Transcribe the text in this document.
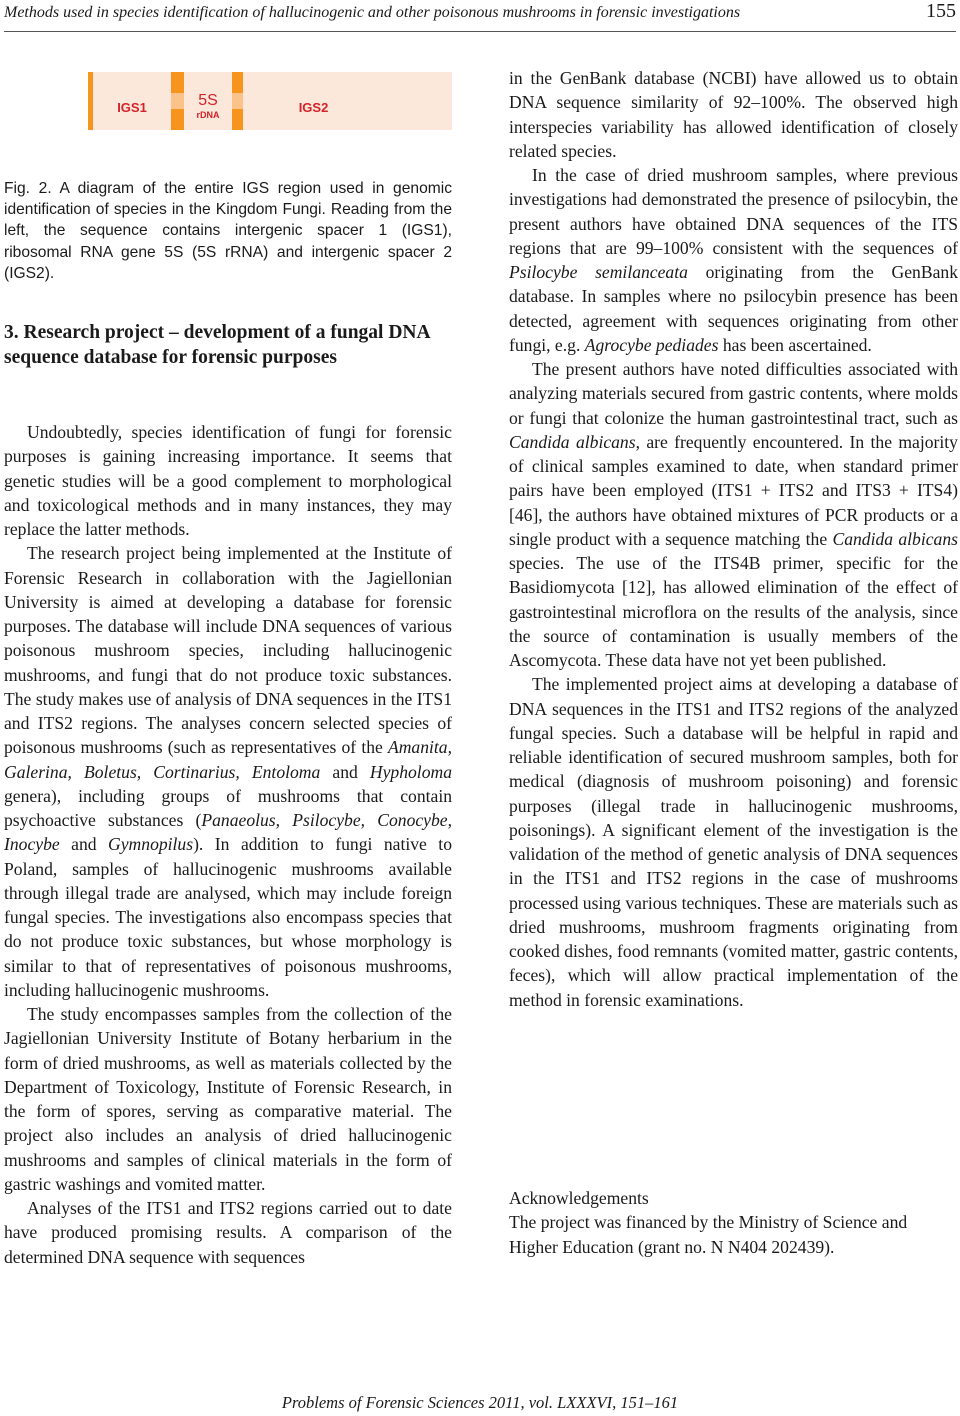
Methods used in species identification of hallucinogenic and other poisonous mushrooms in forensic investigations	155
IGS1	5S
rDNA	IGS2

Fig. 2. A diagram of the entire IGS region used in genomic identification of species in the Kingdom Fungi. Reading from the left, the sequence contains intergenic spacer 1 (IGS1), ribosomal RNA gene 5S (5S rRNA) and intergenic spacer 2 (IGS2).

3. Research project – development of a fungal DNA sequence database for forensic purposes

Undoubtedly, species identification of fungi for forensic purposes is gaining increasing importance. It seems that genetic studies will be a good complement to morphological and toxicological methods and in many instances, they may replace the latter methods.

The research project being implemented at the Institute of Forensic Research in collaboration with the Jagiellonian University is aimed at developing a database for forensic purposes. The database will include DNA sequences of various poisonous mushroom species, including hallucinogenic mushrooms, and fungi that do not produce toxic substances. The study makes use of analysis of DNA sequences in the ITS1 and ITS2 regions. The analyses concern selected species of poisonous mushrooms (such as representatives of the Amanita, Galerina, Boletus, Cortinarius, Entoloma and Hypholoma genera), including groups of mushrooms that contain psychoactive substances (Panaeolus, Psilocybe, Conocybe, Inocybe and Gymnopilus). In addition to fungi native to Poland, samples of hallucinogenic mushrooms available through illegal trade are analysed, which may include foreign fungal species. The investigations also encompass species that do not produce toxic substances, but whose morphology is similar to that of representatives of poisonous mushrooms, including hallucinogenic mushrooms.

The study encompasses samples from the collection of the Jagiellonian University Institute of Botany herbarium in the form of dried mushrooms, as well as materials collected by the Department of Toxicology, Institute of Forensic Research, in the form of spores, serving as comparative material. The project also includes an analysis of dried hallucinogenic mushrooms and samples of clinical materials in the form of gastric washings and vomited matter.

Analyses of the ITS1 and ITS2 regions carried out to date have produced promising results. A comparison of the determined DNA sequence with sequences

in the GenBank database (NCBI) have allowed us to obtain DNA sequence similarity of 92–100%. The observed high interspecies variability has allowed identification of closely related species.

In the case of dried mushroom samples, where previous investigations had demonstrated the presence of psilocybin, the present authors have obtained DNA sequences of the ITS regions that are 99–100% consistent with the sequences of Psilocybe semilanceata originating from the GenBank database. In samples where no psilocybin presence has been detected, agreement with sequences originating from other fungi, e.g. Agrocybe pediades has been ascertained.

The present authors have noted difficulties associated with analyzing materials secured from gastric contents, where molds or fungi that colonize the human gastrointestinal tract, such as Candida albicans, are frequently encountered. In the majority of clinical samples examined to date, when standard primer pairs have been employed (ITS1 + ITS2 and ITS3 + ITS4) [46], the authors have obtained mixtures of PCR products or a single product with a sequence matching the Candida albicans species. The use of the ITS4B primer, specific for the Basidiomycota [12], has allowed elimination of the effect of gastrointestinal microflora on the results of the analysis, since the source of contamination is usually members of the Ascomycota. These data have not yet been published.

The implemented project aims at developing a database of DNA sequences in the ITS1 and ITS2 regions of the analyzed fungal species. Such a database will be helpful in rapid and reliable identification of secured mushroom samples, both for medical (diagnosis of mushroom poisoning) and forensic purposes (illegal trade in hallucinogenic mushrooms, poisonings). A significant element of the investigation is the validation of the method of genetic analysis of DNA sequences in the ITS1 and ITS2 regions in the case of mushrooms processed using various techniques. These are materials such as dried mushrooms, mushroom fragments originating from cooked dishes, food remnants (vomited matter, gastric contents, feces), which will allow practical implementation of the method in forensic examinations.

Acknowledgements

The project was financed by the Ministry of Science and Higher Education (grant no. N N404 202439).

Problems of Forensic Sciences 2011, vol. LXXXVI, 151–161
